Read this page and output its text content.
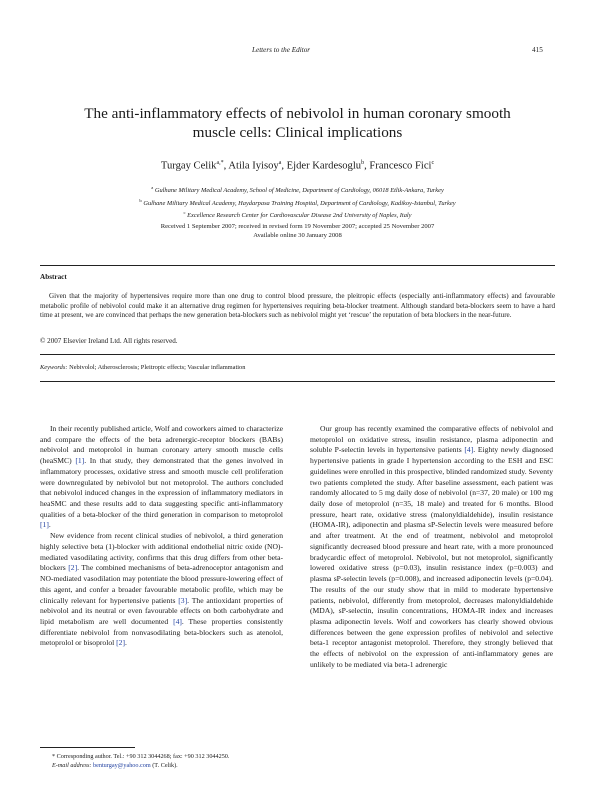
Letters to the Editor	415
The anti-inflammatory effects of nebivolol in human coronary smooth
muscle cells: Clinical implications
Turgay Celik$^{a,*}$, Atila Iyisoy$^a$, Ejder Kardesoglu$^b$, Francesco Fici$^c$
$^a$ Gulhane Military Medical Academy, School of Medicine, Department of Cardiology, 06018 Etlik-Ankara, Turkey
$^b$ Gulhane Military Medical Academy, Haydarpasa Training Hospital, Department of Cardiology, Kadikoy-Istanbul, Turkey
$^c$ Excellence Research Center for Cardiovascular Disease 2nd University of Naples, Italy
Received 1 September 2007; received in revised form 19 November 2007; accepted 25 November 2007
Available online 30 January 2008
Abstract
Given that the majority of hypertensives require more than one drug to control blood pressure, the pleitropic effects (especially anti-inflammatory effects) and favourable metabolic profile of nebivolol could make it an alternative drug regimen for hypertensives requiring beta-blocker treatment. Although standard beta-blockers seem to have a hard time at present, we are convinced that perhaps the new generation beta-blockers such as nebivolol might yet ‘rescue’ the reputation of beta blockers in the near-future.
© 2007 Elsevier Ireland Ltd. All rights reserved.
Keywords: Nebivolol; Atherosclerosis; Pleitropic effects; Vascular inflammation

In their recently published article, Wolf and coworkers aimed to characterize and compare the effects of the beta adrenergic-receptor blockers (BABs) nebivolol and metoprolol in human coronary artery smooth muscle cells (heaSMC) [1]. In that study, they demonstrated that the genes involved in inflammatory processes, oxidative stress and smooth muscle cell proliferation were downregulated by nebivolol but not metoprolol. The authors concluded that nebivolol induced changes in the expression of inflammatory mediators in heaSMC and these results add to data suggesting specific anti-inflammatory qualities of a beta-blocker of the third generation in comparison to metoprolol [1].

New evidence from recent clinical studies of nebivolol, a third generation highly selective beta (1)-blocker with additional endothelial nitric oxide (NO)-mediated vasodilating activity, confirms that this drug differs from other beta-blockers [2]. The combined mechanisms of beta-adrenoceptor antagonism and NO-mediated vasodilation may potentiate the blood pressure-lowering effect of this agent, and confer a broader favourable metabolic profile, which may be clinically relevant for hypertensive patients [3]. The antioxidant properties of nebivolol and its neutral or even favourable effects on both carbohydrate and lipid metabolism are well documented [4]. These properties consistently differentiate nebivolol from nonvasodilating beta-blockers such as atenolol, metoprolol or bisoprolol [2].

Our group has recently examined the comparative effects of nebivolol and metoprolol on oxidative stress, insulin resistance, plasma adiponectin and soluble P-selectin levels in hypertensive patients [4]. Eighty newly diagnosed hypertensive patients in grade I hypertension according to the ESH and ESC guidelines were enrolled in this prospective, blinded randomized study. Seventy two patients completed the study. After baseline assessment, each patient was randomly allocated to 5 mg daily dose of nebivolol (n=37, 20 male) or 100 mg daily dose of metoprolol (n=35, 18 male) and treated for 6 months. Blood pressure, heart rate, oxidative stress (malonyldialdehide), insulin resistance (HOMA-IR), adiponectin and plasma sP-Selectin levels were measured before and after treatment. At the end of treatment, nebivolol and metoprolol significantly decreased blood pressure and heart rate, with a more pronounced bradycardic effect of metoprolol. Nebivolol, but not metoprolol, significantly lowered oxidative stress (p=0.03), insulin resistance index (p=0.003) and plasma sP-selectin levels (p=0.008), and increased adiponectin levels (p=0.04). The results of the our study show that in mild to moderate hypertensive patients, nebivolol, differently from metoprolol, decreases malonyldialdehide (MDA), sP-selectin, insulin concentrations, HOMA-IR index and increases plasma adiponectin levels. Wolf and coworkers has clearly showed obvious differences between the gene expression profiles of nebivolol and selective beta-1 receptor antagonist metoprolol. Therefore, they strongly believed that the effects of nebivolol on the expression of anti-inflammatory genes are unlikely to be mediated via beta-1 adrenergic

* Corresponding author. Tel.: +90 312 3044268; fax: +90 312 3044250.
E-mail address: benturgay@yahoo.com (T. Celik).
